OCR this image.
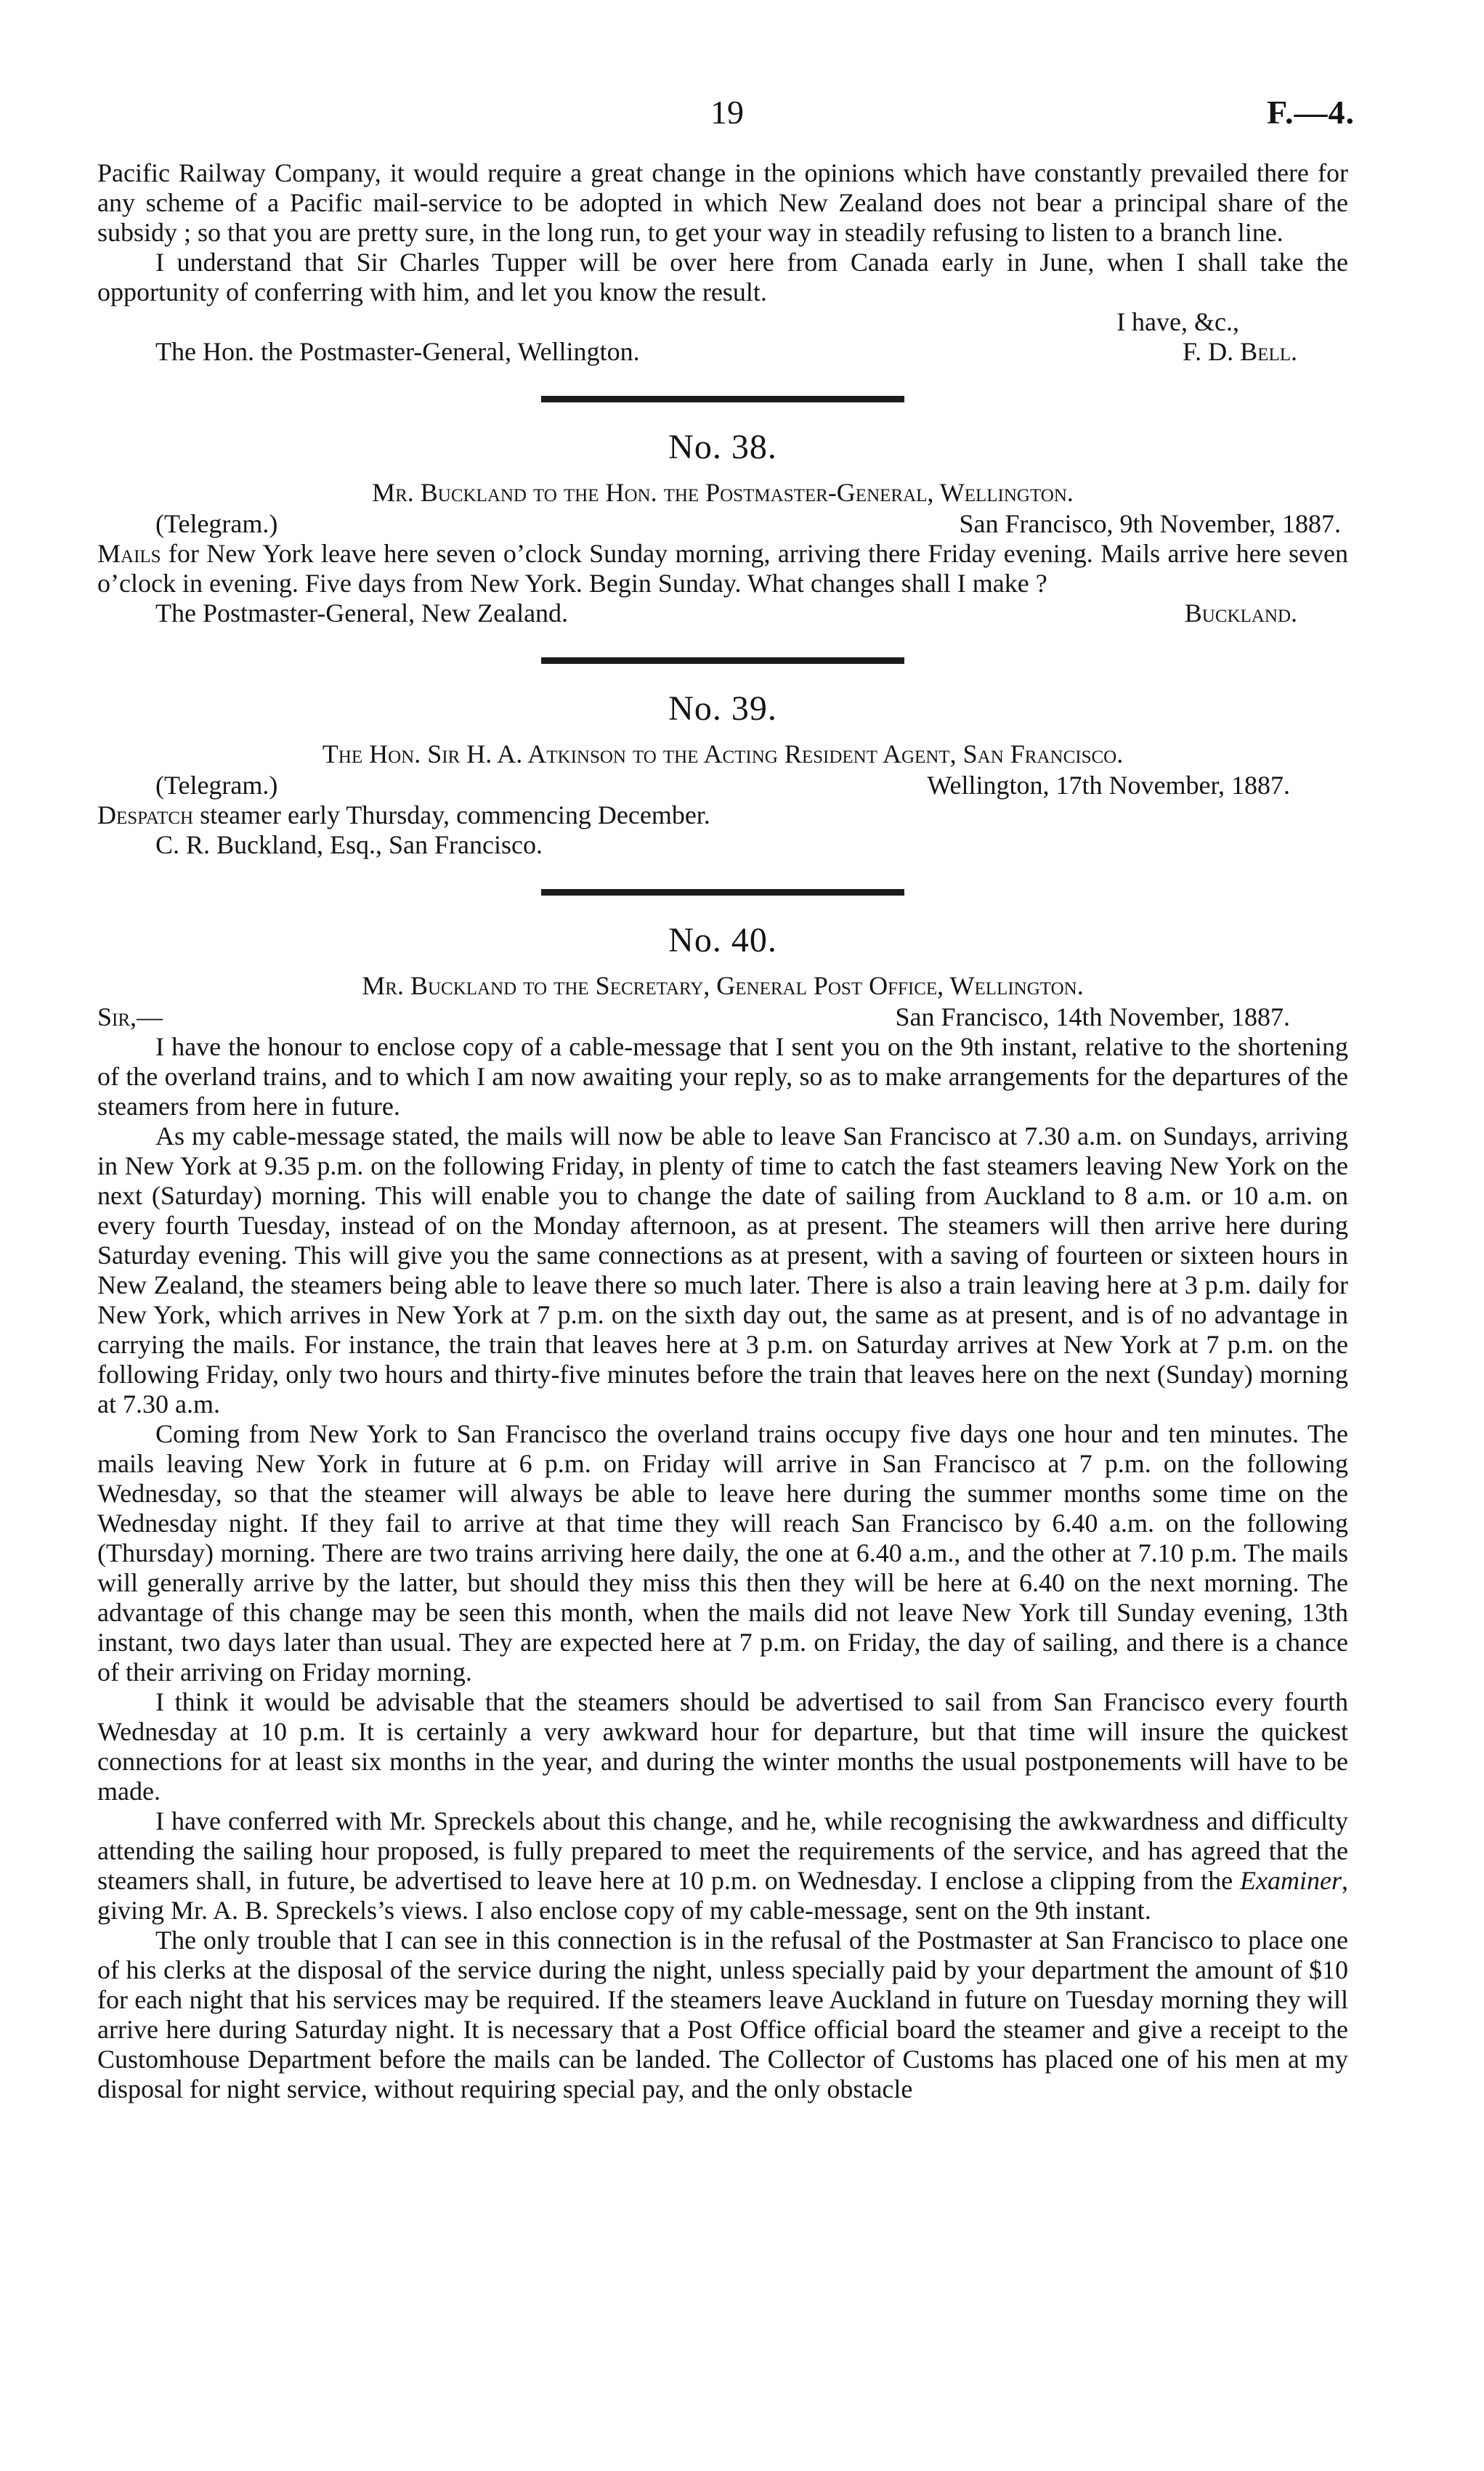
19	F.—4.

Pacific Railway Company, it would require a great change in the opinions which have constantly prevailed there for any scheme of a Pacific mail-service to be adopted in which New Zealand does not bear a principal share of the subsidy ; so that you are pretty sure, in the long run, to get your way in steadily refusing to listen to a branch line.

I understand that Sir Charles Tupper will be over here from Canada early in June, when I shall take the opportunity of conferring with him, and let you know the result.

I have, &c.,
The Hon. the Postmaster-General, Wellington.	F. D. Bell.
No. 38.
Mr. Buckland to the Hon. the Postmaster-General, Wellington.
(Telegram.)	San Francisco, 9th November, 1887.

Mails for New York leave here seven o’clock Sunday morning, arriving there Friday evening. Mails arrive here seven o’clock in evening. Five days from New York. Begin Sunday. What changes shall I make ?

The Postmaster-General, New Zealand.	Buckland.
No. 39.
The Hon. Sir H. A. Atkinson to the Acting Resident Agent, San Francisco.
(Telegram.)	Wellington, 17th November, 1887.

Despatch steamer early Thursday, commencing December.

C. R. Buckland, Esq., San Francisco.
No. 40.
Mr. Buckland to the Secretary, General Post Office, Wellington.
Sir,—	San Francisco, 14th November, 1887.

I have the honour to enclose copy of a cable-message that I sent you on the 9th instant, relative to the shortening of the overland trains, and to which I am now awaiting your reply, so as to make arrangements for the departures of the steamers from here in future.

As my cable-message stated, the mails will now be able to leave San Francisco at 7.30 a.m. on Sundays, arriving in New York at 9.35 p.m. on the following Friday, in plenty of time to catch the fast steamers leaving New York on the next (Saturday) morning. This will enable you to change the date of sailing from Auckland to 8 a.m. or 10 a.m. on every fourth Tuesday, instead of on the Monday afternoon, as at present. The steamers will then arrive here during Saturday evening. This will give you the same connections as at present, with a saving of fourteen or sixteen hours in New Zealand, the steamers being able to leave there so much later. There is also a train leaving here at 3 p.m. daily for New York, which arrives in New York at 7 p.m. on the sixth day out, the same as at present, and is of no advantage in carrying the mails. For instance, the train that leaves here at 3 p.m. on Saturday arrives at New York at 7 p.m. on the following Friday, only two hours and thirty-five minutes before the train that leaves here on the next (Sunday) morning at 7.30 a.m.

Coming from New York to San Francisco the overland trains occupy five days one hour and ten minutes. The mails leaving New York in future at 6 p.m. on Friday will arrive in San Francisco at 7 p.m. on the following Wednesday, so that the steamer will always be able to leave here during the summer months some time on the Wednesday night. If they fail to arrive at that time they will reach San Francisco by 6.40 a.m. on the following (Thursday) morning. There are two trains arriving here daily, the one at 6.40 a.m., and the other at 7.10 p.m. The mails will generally arrive by the latter, but should they miss this then they will be here at 6.40 on the next morning. The advantage of this change may be seen this month, when the mails did not leave New York till Sunday evening, 13th instant, two days later than usual. They are expected here at 7 p.m. on Friday, the day of sailing, and there is a chance of their arriving on Friday morning.

I think it would be advisable that the steamers should be advertised to sail from San Francisco every fourth Wednesday at 10 p.m. It is certainly a very awkward hour for departure, but that time will insure the quickest connections for at least six months in the year, and during the winter months the usual postponements will have to be made.

I have conferred with Mr. Spreckels about this change, and he, while recognising the awkwardness and difficulty attending the sailing hour proposed, is fully prepared to meet the requirements of the service, and has agreed that the steamers shall, in future, be advertised to leave here at 10 p.m. on Wednesday. I enclose a clipping from the Examiner, giving Mr. A. B. Spreckels’s views. I also enclose copy of my cable-message, sent on the 9th instant.

The only trouble that I can see in this connection is in the refusal of the Postmaster at San Francisco to place one of his clerks at the disposal of the service during the night, unless specially paid by your department the amount of $10 for each night that his services may be required. If the steamers leave Auckland in future on Tuesday morning they will arrive here during Saturday night. It is necessary that a Post Office official board the steamer and give a receipt to the Customhouse Department before the mails can be landed. The Collector of Customs has placed one of his men at my disposal for night service, without requiring special pay, and the only obstacle
